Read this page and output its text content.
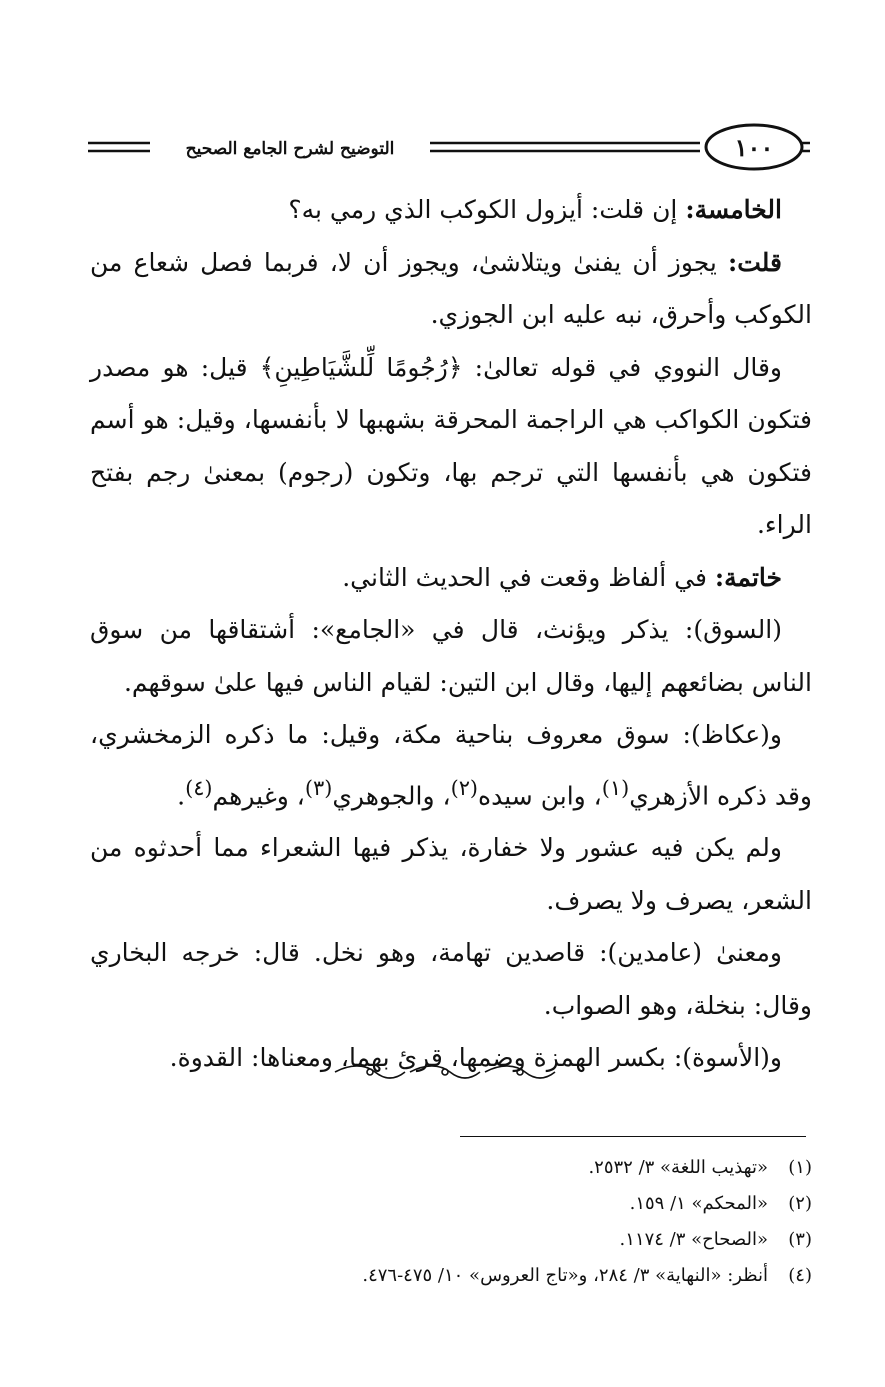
١٠٠
التوضيح لشرح الجامع الصحيح

الخامسة: إن قلت: أيزول الكوكب الذي رمي به؟

قلت: يجوز أن يفنىٰ ويتلاشىٰ، ويجوز أن لا، فربما فصل شعاع من الكوكب وأحرق، نبه عليه ابن الجوزي.

وقال النووي في قوله تعالىٰ: ﴿رُجُومًا لِّلشَّيَاطِينِ﴾ قيل: هو مصدر فتكون الكواكب هي الراجمة المحرقة بشهبها لا بأنفسها، وقيل: هو أسم فتكون هي بأنفسها التي ترجم بها، وتكون (رجوم) بمعنىٰ رجم بفتح الراء.

خاتمة: في ألفاظ وقعت في الحديث الثاني.

(السوق): يذكر ويؤنث، قال في «الجامع»: أشتقاقها من سوق الناس بضائعهم إليها، وقال ابن التين: لقيام الناس فيها علىٰ سوقهم.

و(عكاظ): سوق معروف بناحية مكة، وقيل: ما ذكره الزمخشري، وقد ذكره الأزهري$^{(١)}$، وابن سيده$^{(٢)}$، والجوهري$^{(٣)}$، وغيرهم$^{(٤)}$.

ولم يكن فيه عشور ولا خفارة، يذكر فيها الشعراء مما أحدثوه من الشعر، يصرف ولا يصرف.

ومعنىٰ (عامدين): قاصدين تهامة، وهو نخل. قال: خرجه البخاري وقال: بنخلة، وهو الصواب.

و(الأسوة): بكسر الهمزة وضمها، قرئ بهما، ومعناها: القدوة.

(١)«تهذيب اللغة» ٣/ ٢٥٣٢.
(٢)«المحكم» ١/ ١٥٩.
(٣)«الصحاح» ٣/ ١١٧٤.
(٤)أنظر: «النهاية» ٣/ ٢٨٤، و«تاج العروس» ١٠/ ٤٧٥-٤٧٦.
